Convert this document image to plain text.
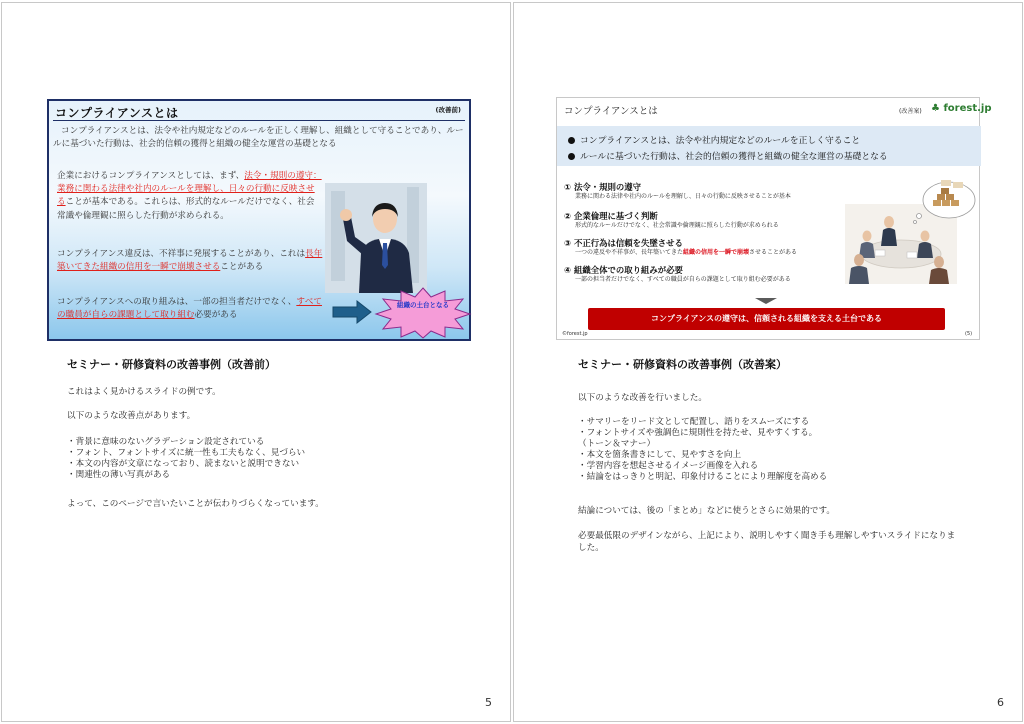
コンプライアンスとは	(改善前)
コンプライアンスとは、法令や社内規定などのルールを正しく理解し、組織として守ることであり、ルールに基づいた行動は、社会的信頼の獲得と組織の健全な運営の基礎となる
企業におけるコンプライアンスとしては、まず、法令・規則の遵守：業務に関わる法律や社内のルールを理解し、日々の行動に反映させることが基本である。これらは、形式的なルールだけでなく、社会常識や倫理観に照らした行動が求められる。
コンプライアンス違反は、不祥事に発展することがあり、これは長年築いてきた組織の信用を一瞬で崩壊させることがある
コンプライアンスへの取り組みは、一部の担当者だけでなく、すべての職員が自らの課題として取り組む必要がある
組織の土台となる
セミナー・研修資料の改善事例（改善前）
これはよく見かけるスライドの例です。
以下のような改善点があります。
・背景に意味のないグラデーション設定されている
・フォント、フォントサイズに統一性も工夫もなく、見づらい
・本文の内容が文章になっており、読まないと説明できない
・関連性の薄い写真がある
よって、このページで言いたいことが伝わりづらくなっています。
5
コンプライアンスとは	(改善案) ♣ forest.jp
コンプライアンスとは、法令や社内規定などのルールを正しく守ること
ルールに基づいた行動は、社会的信頼の獲得と組織の健全な運営の基礎となる
① 法令・規則の遵守
業務に関わる法律や社内のルールを理解し、日々の行動に反映させることが基本
② 企業倫理に基づく判断
形式的なルールだけでなく、社会常識や倫理観に照らした行動が求められる
③ 不正行為は信頼を失墜させる
一つの違反や不祥事が、長年築いてきた組織の信用を一瞬で崩壊させることがある
④ 組織全体での取り組みが必要
一部の担当者だけでなく、すべての職員が自らの課題として取り組む必要がある
コンプライアンスの遵守は、信頼される組織を支える土台である
©forest.jp	(5)
セミナー・研修資料の改善事例（改善案）
以下のような改善を行いました。
・サマリーをリード文として配置し、語りをスムーズにする
・フォントサイズや強調色に規則性を持たせ、見やすくする。
（トーン＆マナー）
・本文を箇条書きにして、見やすさを向上
・学習内容を想起させるイメージ画像を入れる
・結論をはっきりと明記、印象付けることにより理解度を高める
結論については、後の「まとめ」などに使うとさらに効果的です。
必要最低限のデザインながら、上記により、説明しやすく聞き手も理解しやすいスライドになりました。
6
